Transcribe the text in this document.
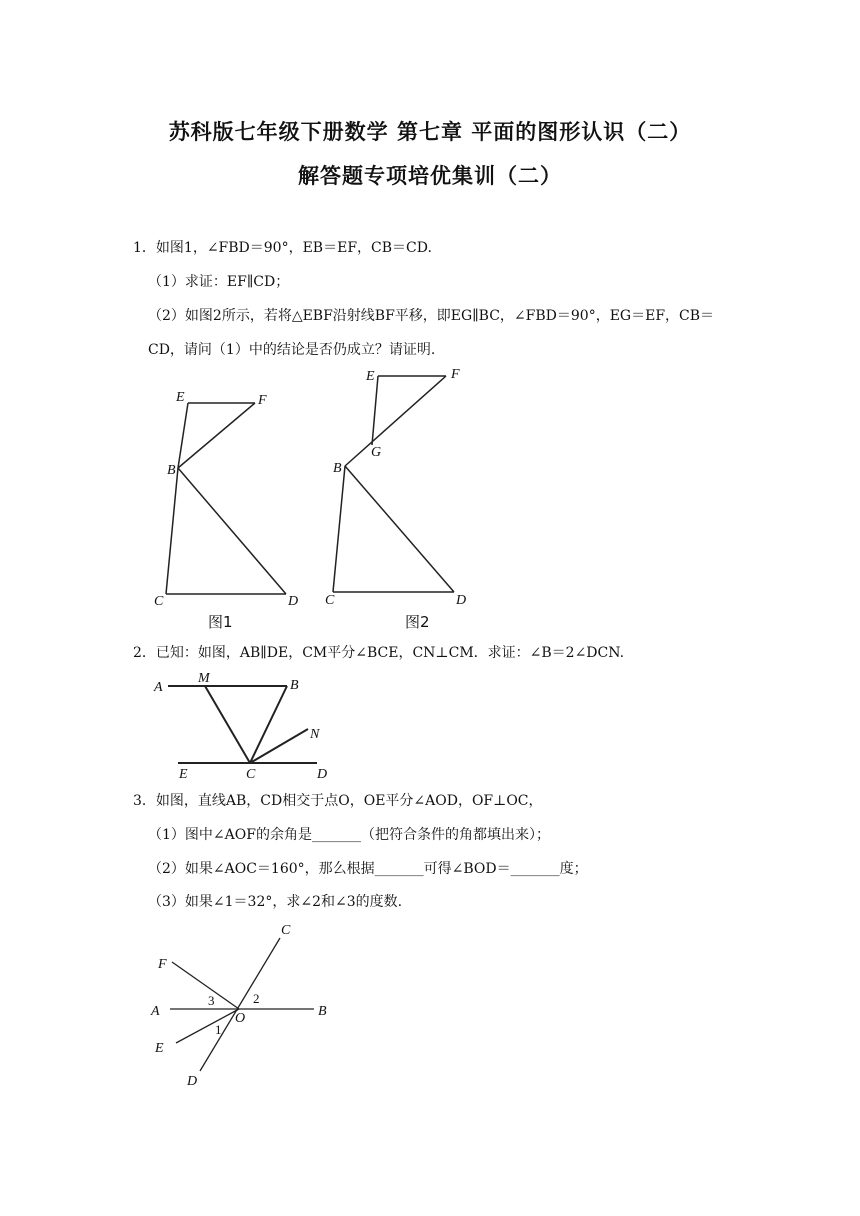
苏科版七年级下册数学 第七章 平面的图形认识（二）
解答题专项培优集训（二）
1．如图1，∠FBD＝90°，EB＝EF，CB＝CD.
（1）求证：EF∥CD；
（2）如图2所示，若将△EBF沿射线BF平移，即EG∥BC，∠FBD＝90°，EG＝EF，CB＝
CD，请问（1）中的结论是否仍成立？请证明.
E	F
B
C	D
图1
E	F
G
B
C	D
图2
A
M	B
N
E	C	D
C
F
A	B
O
E
D
1
2
3
2．已知：如图，AB∥DE，CM平分∠BCE，CN⊥CM．求证：∠B＝2∠DCN.
3．如图，直线AB，CD相交于点O，OE平分∠AOD，OF⊥OC，
（1）图中∠AOF的余角是_______（把符合条件的角都填出来）；
（2）如果∠AOC＝160°，那么根据_______可得∠BOD＝_______度；
（3）如果∠1＝32°，求∠2和∠3的度数.
